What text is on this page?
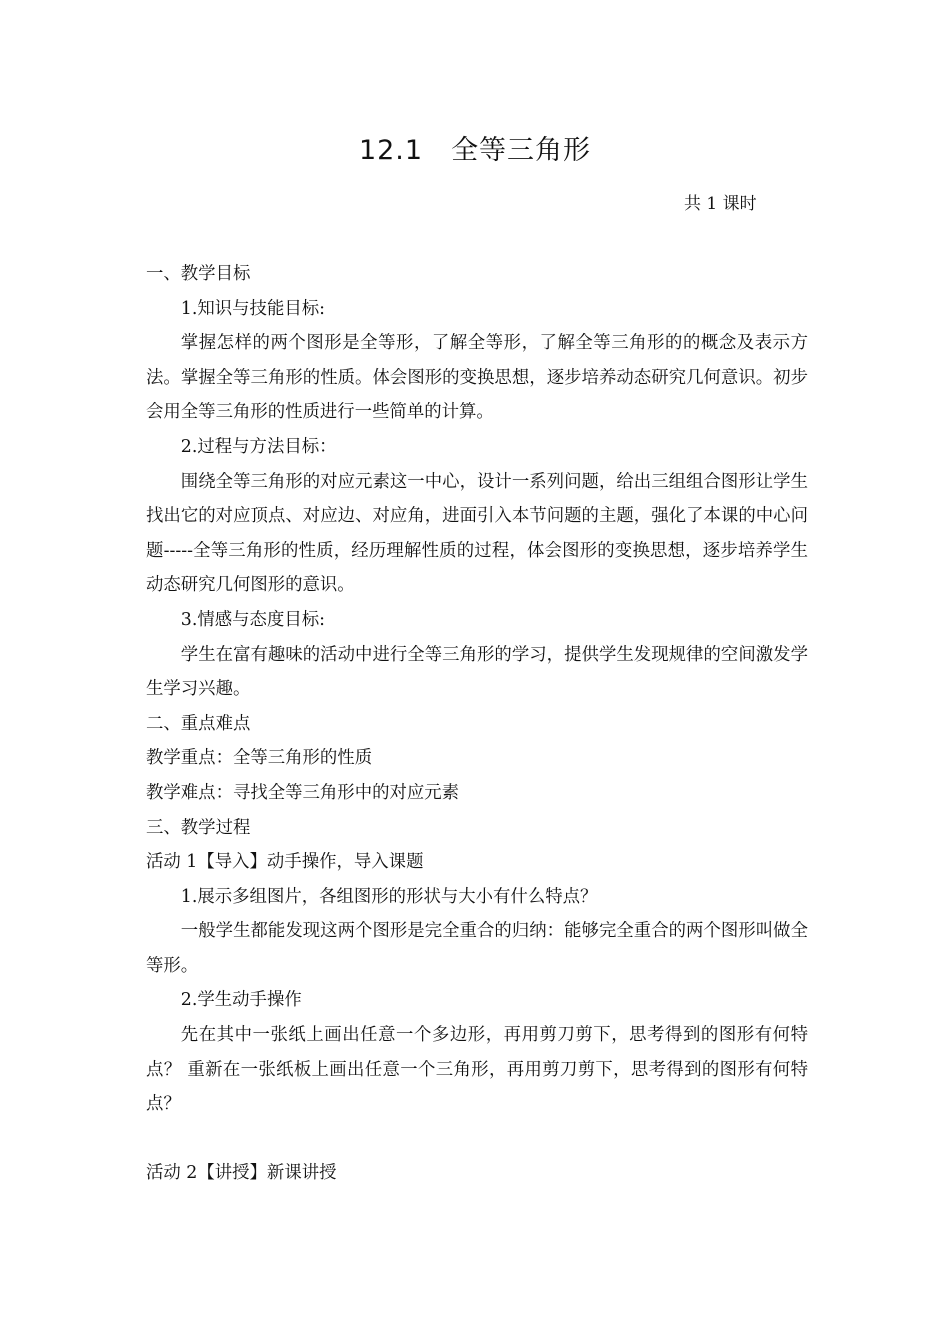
12.1 全等三角形
共 1 课时

一、教学目标

1.知识与技能目标:

掌握怎样的两个图形是全等形，了解全等形，了解全等三角形的的概念及表示方法。掌握全等三角形的性质。体会图形的变换思想，逐步培养动态研究几何意识。初步会用全等三角形的性质进行一些简单的计算。

2.过程与方法目标：

围绕全等三角形的对应元素这一中心，设计一系列问题，给出三组组合图形让学生找出它的对应顶点、对应边、对应角，进面引入本节问题的主题，强化了本课的中心问题-----全等三角形的性质，经历理解性质的过程，体会图形的变换思想，逐步培养学生动态研究几何图形的意识。

3.情感与态度目标:

学生在富有趣味的活动中进行全等三角形的学习，提供学生发现规律的空间激发学生学习兴趣。

二、重点难点

教学重点：全等三角形的性质

教学难点：寻找全等三角形中的对应元素

三、教学过程

活动 1【导入】动手操作，导入课题

1.展示多组图片，各组图形的形状与大小有什么特点？

一般学生都能发现这两个图形是完全重合的归纳：能够完全重合的两个图形叫做全等形。

2.学生动手操作

先在其中一张纸上画出任意一个多边形，再用剪刀剪下，思考得到的图形有何特点？ 重新在一张纸板上画出任意一个三角形，再用剪刀剪下，思考得到的图形有何特点？

活动 2【讲授】新课讲授
